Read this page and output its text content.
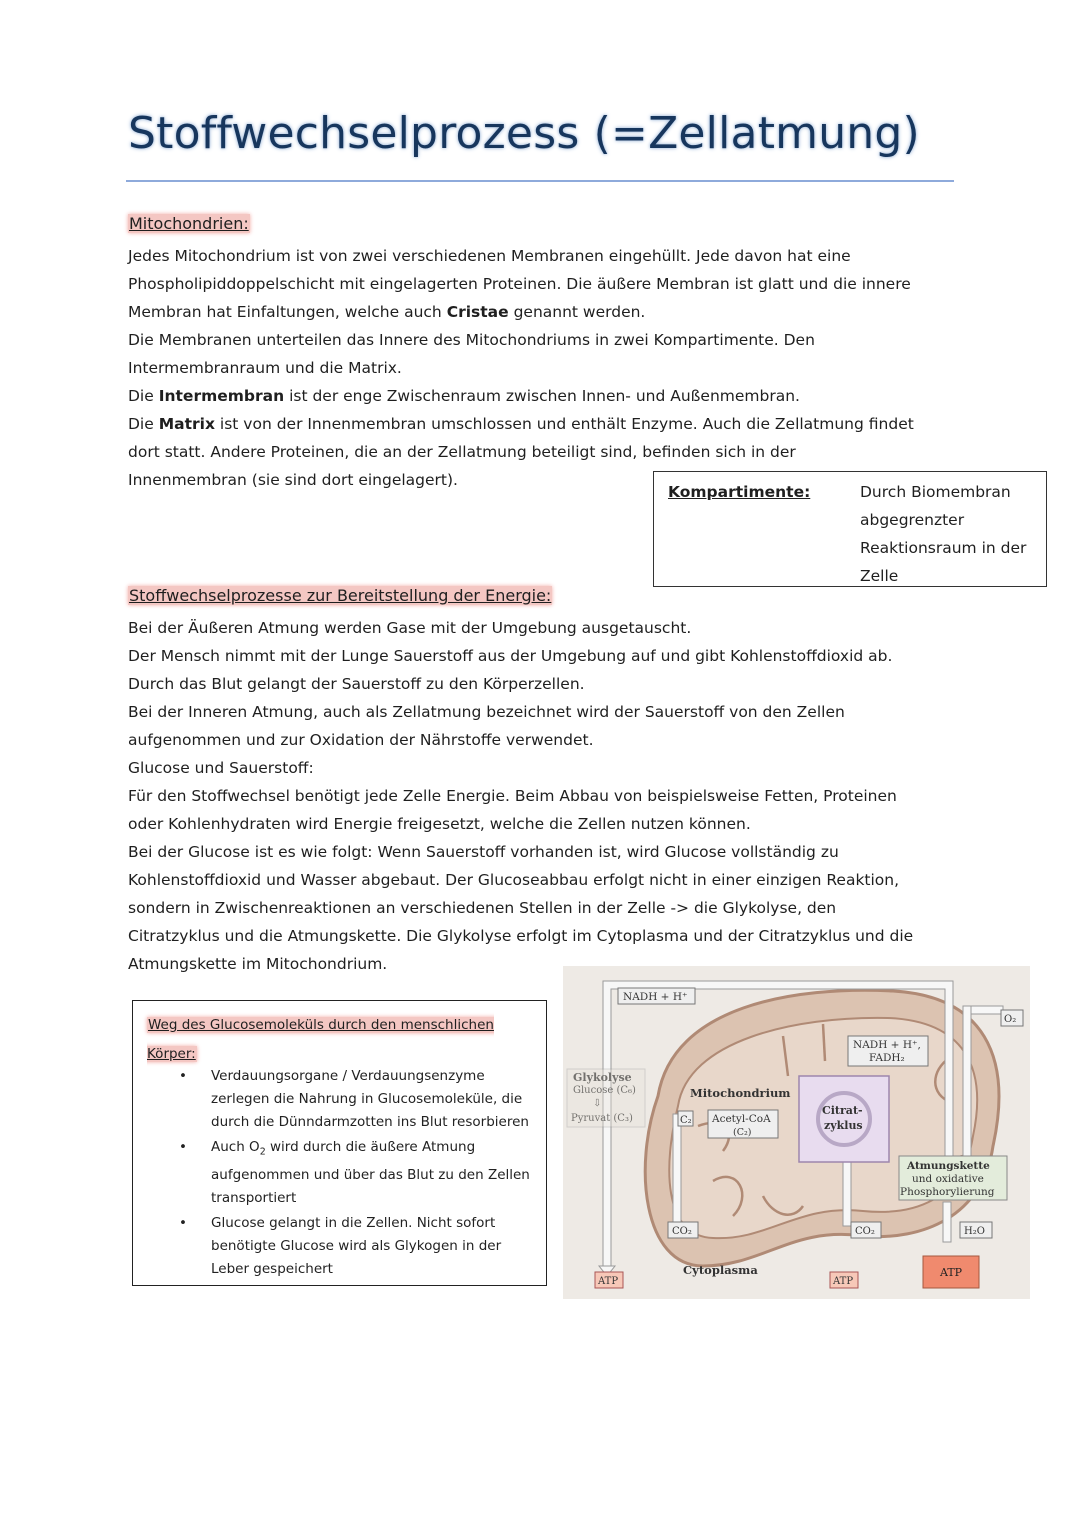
Stoffwechselprozess (=Zellatmung)
Mitochondrien:

Jedes Mitochondrium ist von zwei verschiedenen Membranen eingehüllt. Jede davon hat eine

Phospholipiddoppelschicht mit eingelagerten Proteinen. Die äußere Membran ist glatt und die innere

Membran hat Einfaltungen, welche auch Cristae genannt werden.

Die Membranen unterteilen das Innere des Mitochondriums in zwei Kompartimente. Den

Intermembranraum und die Matrix.

Die Intermembran ist der enge Zwischenraum zwischen Innen- und Außenmembran.

Die Matrix ist von der Innenmembran umschlossen und enthält Enzyme. Auch die Zellatmung findet

dort statt. Andere Proteinen, die an der Zellatmung beteiligt sind, befinden sich in der

Innenmembran (sie sind dort eingelagert).

Kompartimente:	Durch Biomembran abgegrenzter Reaktionsraum in der Zelle
Stoffwechselprozesse zur Bereitstellung der Energie:

Bei der Äußeren Atmung werden Gase mit der Umgebung ausgetauscht.

Der Mensch nimmt mit der Lunge Sauerstoff aus der Umgebung auf und gibt Kohlenstoffdioxid ab.

Durch das Blut gelangt der Sauerstoff zu den Körperzellen.

Bei der Inneren Atmung, auch als Zellatmung bezeichnet wird der Sauerstoff von den Zellen

aufgenommen und zur Oxidation der Nährstoffe verwendet.

Glucose und Sauerstoff:

Für den Stoffwechsel benötigt jede Zelle Energie. Beim Abbau von beispielsweise Fetten, Proteinen

oder Kohlenhydraten wird Energie freigesetzt, welche die Zellen nutzen können.

Bei der Glucose ist es wie folgt: Wenn Sauerstoff vorhanden ist, wird Glucose vollständig zu

Kohlenstoffdioxid und Wasser abgebaut. Der Glucoseabbau erfolgt nicht in einer einzigen Reaktion,

sondern in Zwischenreaktionen an verschiedenen Stellen in der Zelle -> die Glykolyse, den

Citratzyklus und die Atmungskette. Die Glykolyse erfolgt im Cytoplasma und der Citratzyklus und die

Atmungskette im Mitochondrium.

Weg des Glucosemoleküls durch den menschlichen Körper:
• Verdauungsorgane / Verdauungsenzyme zerlegen die Nahrung in Glucosemoleküle, die durch die Dünndarmzotten ins Blut resorbieren
• Auch $O_2$ wird durch die äußere Atmung aufgenommen und über das Blut zu den Zellen transportiert
• Glucose gelangt in die Zellen. Nicht sofort benötigte Glucose wird als Glykogen in der Leber gespeichert
Glykolyse
Glucose (C₆)
⇩
Pyruvat (C₃)
NADH + H⁺
O₂
NADH + H⁺,
FADH₂
Mitochondrium
C₂ Acetyl-CoA
(C₂)
Citrat-
zyklus
Atmungskette
und oxidative
Phosphorylierung
CO₂	CO₂	H₂O
ATP
Cytoplasma
ATP
ATP
